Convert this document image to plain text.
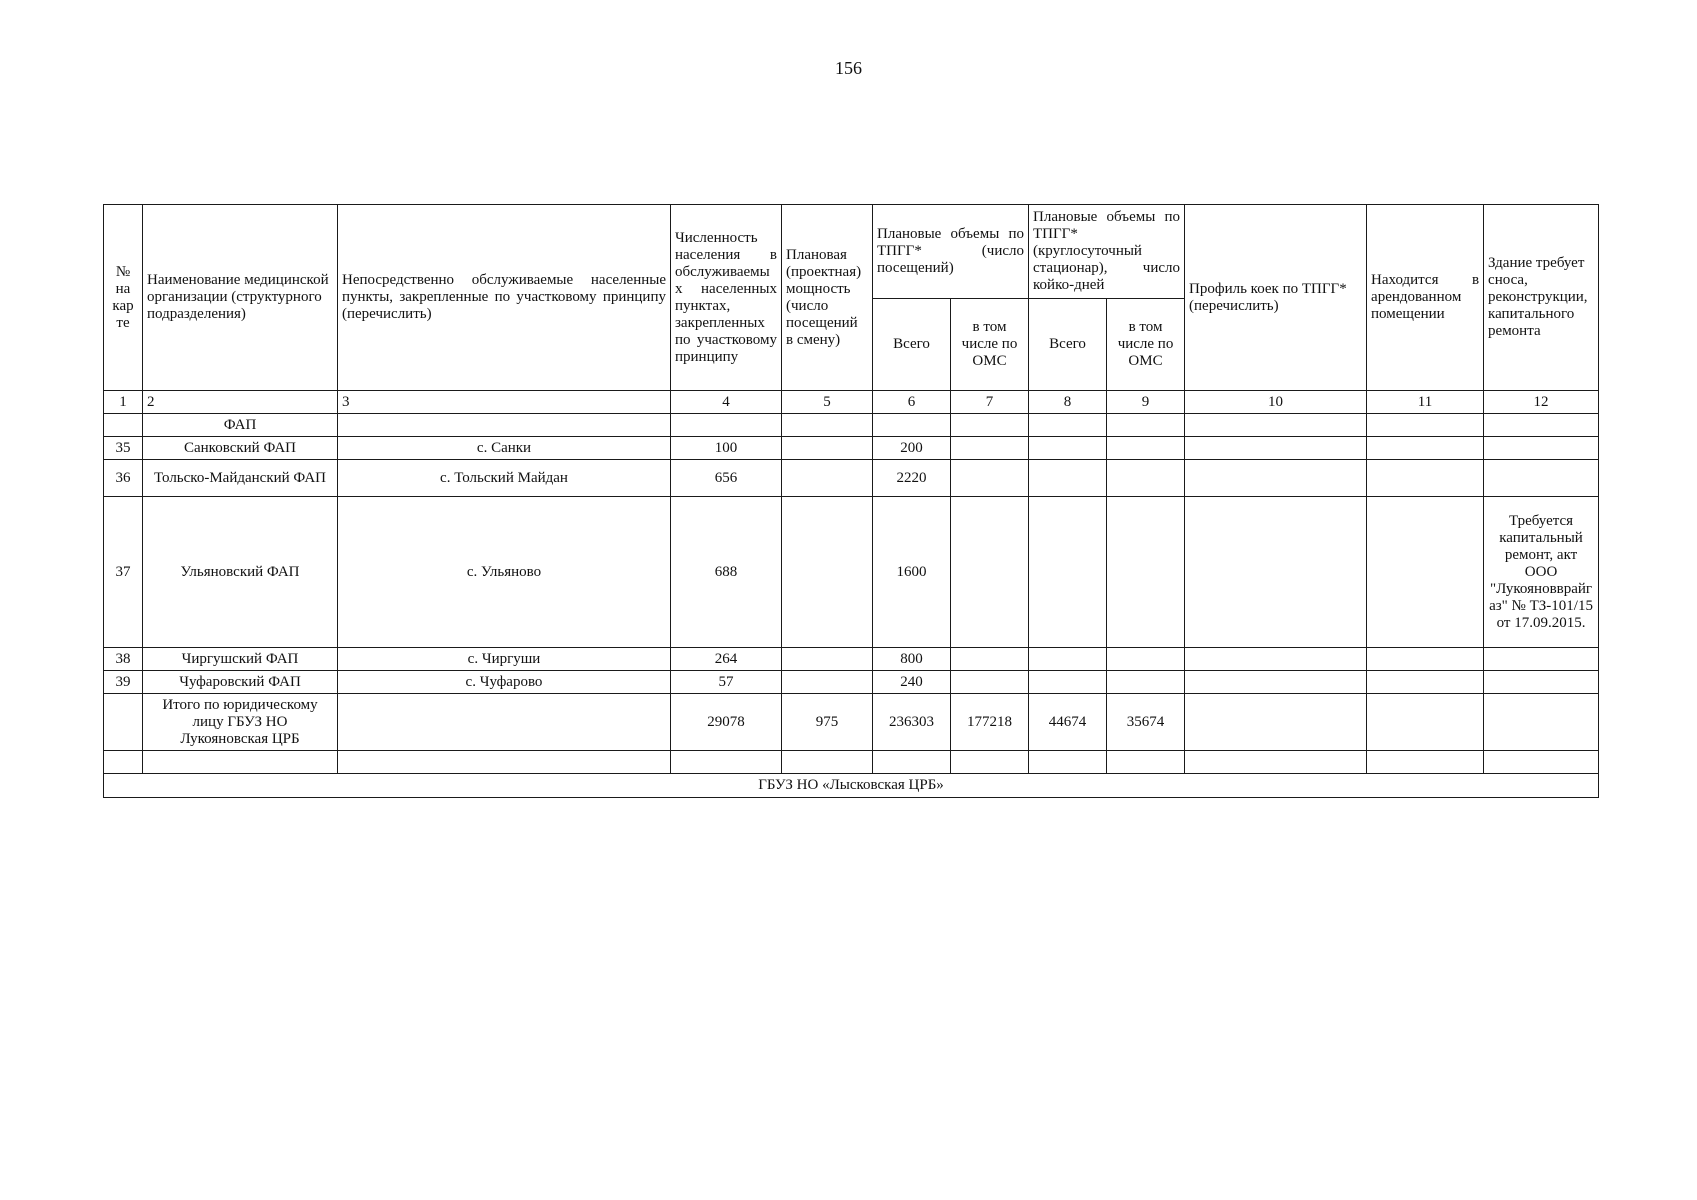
156
№ на кар те	Наименование медицинской организации (структурного подразделения)	Непосредственно обслуживаемые населенные пункты, закрепленные по участковому принципу (перечислить)	Численность населения в обслуживаемых населенных пунктах, закрепленных по участковому принципу	Плановая (проектная) мощность (число посещений в смену)	Плановые объемы по ТПГГ* (число посещений)		Плановые объемы по ТПГГ* (круглосуточный стационар), число койко-дней		Профиль коек по ТПГГ* (перечислить)	Находится в арендованном помещении	Здание требует сноса, реконструкции, капитального ремонта
					Всего	в том числе по ОМС	Всего	в том числе по ОМС			
1	2	3	4	5	6	7	8	9	10	11	12
	ФАП										
35	Санковский ФАП	с. Санки	100		200						
36	Тольско-Майданский ФАП	с. Тольский Майдан	656		2220						
37	Ульяновский ФАП	с. Ульяново	688		1600						Требуется капитальный ремонт, акт ООО "Лукояновврайгаз" № ТЗ-101/15 от 17.09.2015.
38	Чиргушский ФАП	с. Чиргуши	264		800						
39	Чуфаровский ФАП	с. Чуфарово	57		240						
	Итого по юридическому лицу ГБУЗ НО Лукояновская ЦРБ		29078	975	236303	177218	44674	35674			

ГБУЗ НО «Лысковская ЦРБ»											
